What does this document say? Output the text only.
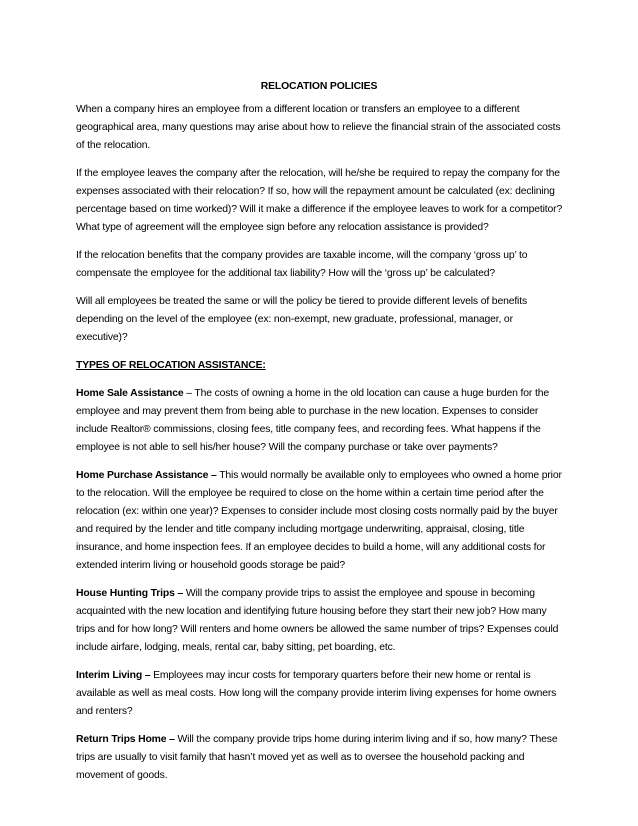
RELOCATION POLICIES

When a company hires an employee from a different location or transfers an employee to a different geographical area, many questions may arise about how to relieve the financial strain of the associated costs of the relocation.

If the employee leaves the company after the relocation, will he/she be required to repay the company for the expenses associated with their relocation? If so, how will the repayment amount be calculated (ex: declining percentage based on time worked)? Will it make a difference if the employee leaves to work for a competitor? What type of agreement will the employee sign before any relocation assistance is provided?

If the relocation benefits that the company provides are taxable income, will the company ‘gross up’ to compensate the employee for the additional tax liability? How will the ‘gross up’ be calculated?

Will all employees be treated the same or will the policy be tiered to provide different levels of benefits depending on the level of the employee (ex: non-exempt, new graduate, professional, manager, or executive)?

TYPES OF RELOCATION ASSISTANCE:

Home Sale Assistance – The costs of owning a home in the old location can cause a huge burden for the employee and may prevent them from being able to purchase in the new location. Expenses to consider include Realtor® commissions, closing fees, title company fees, and recording fees. What happens if the employee is not able to sell his/her house? Will the company purchase or take over payments?

Home Purchase Assistance – This would normally be available only to employees who owned a home prior to the relocation. Will the employee be required to close on the home within a certain time period after the relocation (ex: within one year)? Expenses to consider include most closing costs normally paid by the buyer and required by the lender and title company including mortgage underwriting, appraisal, closing, title insurance, and home inspection fees. If an employee decides to build a home, will any additional costs for extended interim living or household goods storage be paid?

House Hunting Trips – Will the company provide trips to assist the employee and spouse in becoming acquainted with the new location and identifying future housing before they start their new job? How many trips and for how long? Will renters and home owners be allowed the same number of trips? Expenses could include airfare, lodging, meals, rental car, baby sitting, pet boarding, etc.

Interim Living – Employees may incur costs for temporary quarters before their new home or rental is available as well as meal costs. How long will the company provide interim living expenses for home owners and renters?

Return Trips Home – Will the company provide trips home during interim living and if so, how many? These trips are usually to visit family that hasn’t moved yet as well as to oversee the household packing and movement of goods.
